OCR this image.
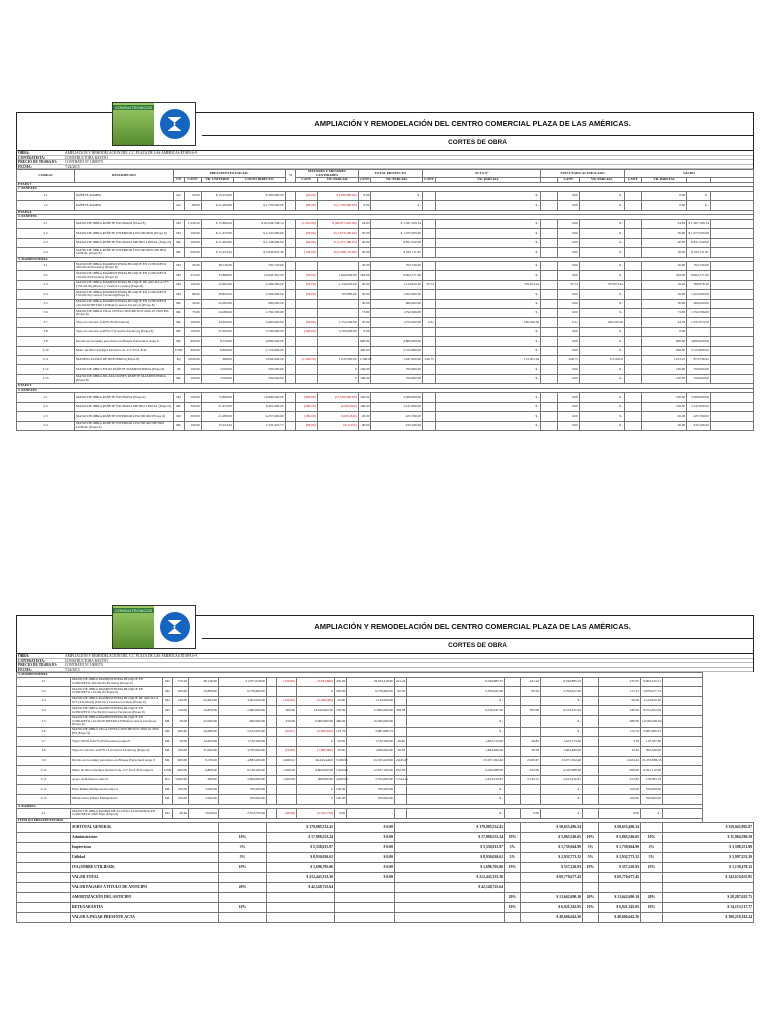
CONSULTECNICOS
AMPLIACIÓN Y REMODELACIÓN DEL CENTRO COMERCIAL PLAZA DE LAS AMÉRICAS.
CORTES DE OBRA
OBRA:	AMPLIACION Y REMODELACION DEL C.C PLAZA DE LAS AMERICAS ETAPA 6-9
CONTRATISTA:	CONSTRUCTORA RAYITO
PRECIO DE TRABAJO:	CONTRATO N° 1008579
FECHA:	7/24/2015
CODIGO	DESCRIPCION	PRESUPUESTO INICIAL				%	MAYORES Y MENORES CANTIDADES		TOTAL PROYECTO		ACTA N°		EJECUTADO ACUMULADO			SALDO			
		UN	CANT.	VR. UNITARIO	COSTO DIRECTO		CANT.	VR. PARCIAL	CANT.	VR. PARCIAL	CANT	VR. PARCIAL		CANT.	VR. PARCIAL	CANT.	VR. PARCIAL		
ETAPA 7																			
7. PAÑETES																			
1.1	PAÑETE RAMPA	m2	20.00	$ 15,254.00	$ 305,080.00		(20.00)	$ (305,080.00)	0.00	$ -		$ -		0.00	$ -		0.00	$ -	
1.2	PAÑETE RAMPA	m2	80.00	$ 21,284.00	$ 1,703,000.00		(80.00)	$ (1,703,000.00)	0.00	$ -		$ -		0.00	$ -		0.00	$ -	
ETAPA 8																			
2. PAÑETES																			
2.1	MANO DE OBRA PAÑETE FACHADA (Etapa 8)	M2	1,230.43	$ 15,890.00	$ 91,044,708.14		(1,205.00)	$ (60,677,605.00)	24.83	$ 1,367,108.14		$ -		0.00	$ -		24.83	$ 1,367,108.14	
2.2	MANO DE OBRA PAÑETE INTERIOR LISO MUROS (Etapa 8)	M2	100.00	$ 21,470.00	$ 2,147,000.00		(50.00)	$ (1,073,500.00)	50.00	$ 1,073,500.00		$ -		0.00	$ -		50.00	$ 1,073,500.00	
2.3	MANO DE OBRA PAÑETE FACHADA METRO LINEAL (Etapa 8)	ML	100.00	$ 21,284.00	$ 2,128,000.00		(60.00)	$ (1,277,280.00)	40.00	$ 851,520.00		$ -		0.00	$ -		40.00	$ 851,520.00	
2.4	MANO DE OBRA PAÑETE INTERIOR LISO MUROS METRO LINEAL (Etapa 8)	ML	200.00	$ 15,254.24	$ 3,050,847.46		(150.00)	$ (2,288,135.60)	50.00	$ 762,711.87		$ -		0.00	$ -		50.00	$ 762,711.87	
3. MAMPOSTERIA																			
3.1	MANO DE OBRA MAMPOSTERIA BLOQUE EN CONCRETO 39x19x19 (Escalera) (Etapa 8)	M2	20.00	38,136.00	762,720.00			-	20.00	762,720.00		$ -		0.00	$ -		20.00	762,720.00	
3.2	MANO DE OBRA MAMPOSTERIA BLOQUE EN CONCRETO 15x19x19 (Escalera) (Etapa 8)	M2	314.00	33,898.00	10,643,361.00		(50.00)	1,664,990.00	264.00	8,962,371.00		$ -		0.00	$ -		264.00	8,962,371.00	
3.3	MANO DE OBRA MAMPOSTERIA BLOQUE DE ARCILLA N°5 (33x19x19) (Ductos y Cuartos Locales) (Etapa 8)	M2	100.00	22,693.00	2,269,300.00		(50.00)	1,134,650.00	50.00	1,134,650.00	33.74	765,673.44		33.74	765,673.44		16.26	368,976.56	
3.4	MANO DE OBRA MAMPOSTERIA BLOQUE EN CONCRETO 15x19x19 (Cuartos Técnicos)(Etapa 8)	M2	80.00	28,850.00	1,904,000.00		(30.00)	703,980.00	50.00	1,202,900.00		$ -		0.00	$ -		50.00	1,202,900.00	
3.5	MANO DE OBRA MAMPOSTERIA BLOQUE EN CONCRETO 14x19x39 METRO LINEAL(Cuartos Técnicos) (Etapa 8)	ML	30.00	22,000.00	660,000.00			-	30.00	660,000.00		$ -		0.00	$ -		30.00	660,000.00	
3.6	MANO DE OBRA VIGA CINTA CONCRETO 0.20x0.10 2500 PSI (Etapa 8)	ML	73.80	24,286.00	1,792,306.00			-	73.80	1,792,306.00		$ -		0.00	$ -		73.80	1,792,306.00	
3.7	Viga en concreto 0,40*0,20 (Escaleras)	ML	100.00	34,650.00	3,465,000.00		(50.00)	1,752,500.00	50.00	1,752,500.00	5.21	180,526.50		5.21	180,526.50		44.79	1,551,973.50	
3.8	Viga en concreto 0,40*0,15 (Cuartos Técnicos) (Etapa 8)	ML	100.00	37,000.00	3,700,000.00		(100.00)	3,700,000.00	0.00	-		$ -		0.00	$ -		0.00	-	
3.9	Dovela en Grouting para muro en Bloque Estructural etapa 8	ML	600.00	8,130.00	4,882,000.00			-	600.00	4,882,000.00		$ -		0.00	$ -		600.00	4,882,000.00	
3.10	Mano de Obra Anclajes Epóxicos de 1/2" Prof. 8cm	UND	400.00	6,809.00	2,723,600.00			-	400.00	2,723,600.00		$ -		0.00	$ -		400.00	2,723,600.00	
3.11	MANEJO ACERO DE REFUERZO (Etapa 8)	Kg	3,000.00	698.00	2,094,000.00		(1,500.00)	1,047,000.00	1,500.00	1,047,000.00	246.75	172,203.64		246.75	172,203.6		1,253.25	874,796.92	
3.12	MANO DE OBRA FILOS PAÑETE MAMPOSTERIA (Etapa 8)	ml	100.00	3,500.00	350,000.00			0	100.00	350,000.00		$ -		0.00	$ -		100.00	350,000.00	
3.13	MANO DE OBRA DILATACIONES PAÑETE MAMPOSTERIA (Etapa 8)	ML	100.00	3,500.00	350,000.00			0	100.00	350,000.00		$ -		0.00	$ -		100.00	350,000.00	
ETAPA 9																			
2. PAÑETES																			
2.1	MANO DE OBRA PAÑETE FACHADA (Etapa 9)	M2	500.00	15,890.00	16,990,000.00		(400.00)	(13,595,000.00)	100.00	3,389,000.00		$ -		0.00	$ -		100.00	3,389,000.00	
2.2	MANO DE OBRA PAÑETE FACHADA METRO LINEAL (Etapa 9)	ML	300.00	21,470.00	6,401,000.00		(200.00)	(4,293,000)	100.00	2,147,000.00		$ -		0.00	$ -		100.00	2,147,000.00	
2.3	MANO DE OBRA PAÑETE INTERIOR LISO MURO (Etapa 9)	M2	200.00	21,280.00	4,257,600.00		(180.00)	(3,831,840)	20.00	425,760.00		$ -		0.00	$ -		20.00	425,760.00	
2.4	MANO DE OBRA PAÑETE INTERIOR LISO MURO METRO LINEAL (Etapa 9)	ML	100.00	15,254.24	1,525,423.73		(60.00)	(915,254)	40.00	610,169.49		$ -		0.00	$ -		40.00	610,169.49	
CONSULTECNICOS
AMPLIACIÓN Y REMODELACIÓN DEL CENTRO COMERCIAL PLAZA DE LAS AMÉRICAS.
CORTES DE OBRA
OBRA:	AMPLIACION Y REMODELACION DEL C.C PLAZA DE LAS AMERICAS ETAPA 6-9
CONTRATISTA:	CONSTRUCTORA RAYITO
PRECIO DE TRABAJO:	CONTRATO N° 1008579
FECHA:	7/24/2015
3. MAMPOSTERIA																			
3.1	MANO DE OBRA MAMPOSTERIA BLOQUE EN CONCRETO 39x19x19 (Escalera) (Etapa 9)	M2	576.29	38,136.00	21,977,018.00		(100.00)	(3,813,600)	476.29	18,163,418.00	241.24	9,199,885.53		241.24	9,199,885.53		235.05	8,963,532.51	
3.2	MANO DE OBRA MAMPOSTERIA BLOQUE EN CONCRETO 15x19x19 (Etapa 9)	M2	200.00	33,898.00	6,779,600.00			0	200.00	6,779,600.00	82.59	2,799,622.26		82.59	2,799,622.26		117.41	3,979,977.74	
3.3	MANO DE OBRA MAMPOSTERIA BLOQUE DE ARCILLA N°5 (33x19x19) (Ductos y Cuartos Locales) (Etapa 9)	M2	150.00	22,693.00	3,403,950.00		(100.00)	(2,269,300)	50.00	1,134,650.00		$ -			$ -		50.00	1,134,650.00	
3.4	MANO DE OBRA MAMPOSTERIA BLOQUE EN CONCRETO 15x19x19 (Cuartos Técnicos) (Etapa 9)	M2	120.00	24,850.00	2,982,000.00		600.00	14,910,000.00	720.00	17,892,000.00	383.08	9,519,347.94		383.08	9,519,347.94		336.92	8,372,652.06	
3.5	MANO DE OBRA MAMPOSTERIA BLOQUE EN CONCRETO 14x19x39 METRO LINEAL(Cuartos Técnicos) (Etapa 9)	ML	30.00	22,000.00	660,000.00		450.00	9,900,000.00	480.00	10,560,000.00		$ -			$ -		480.00	10,560,000.00	
3.6	MANO DE OBRA VIGA CINTA CONCRETO 0.20x0.10 2500 PSI (Etapa 9)	ML	206.40	24,286.00	5,012,630.40		(83.61)	(2,030,650)	122.79	2,981,980.23		$ -			$ -		122.79	2,981,980.23	
3.7	Viga CINTA 0,20*0,20 (Escaleras) etapa 9	ML	50.00	34,650.00	1,732,500.00			0	50.00	1,732,500.00	46.82	1,622,313.00		46.82	1,622,313.00		3.18	110,187.00	
3.8	Viga en concreto 0,40*0,15 (Cuartos Técnicos) (Etapa 9)	ML	100.00	37,000.00	3,700,000.00		(50.00)	(1,850,000)	50.00	1,850,000.00	39.58	1,464,460.00		39.58	1,464,460.00		10.42	385,540.00	
3.9	Dovela en Grouting para muro en Bloque Estructural etapa 9	ML	600.00	8,130.00	4,882,000.00		4,969.91	40,443,449.9	5,569.91	45,325,249.90	2,945.67	23,971,362.46		2,945.67	23,971,362.46		2,624.24	21,353,886.53	
3.10	Mano de Obra Anclajes Epóxicos de 1/2" Prof. 8cm etapa 9	UND	900.00	6,809.00	6,128,100.00		1,000.00	6,809,000.00	1,900.00	12,937,100.00	932.00	6,345,988.00		932.00	6,345,988.00		968.00	6,591,112.00	
3.11	Acero de Refuerzo etapa 9	KG	3,000.00	698.00	2,094,000.00		1,000.00	698,000.00	4,000.00	2,792,000.00	3,744.15	2,613,416.81		3,744.15	2,613,416.81		255.85	178,583.19	
3.12	Filos Pañete Mampostería etapa 9	ML	100.00	3,500.00	350,000.00			0	100.00	350,000.00		$ -			$ -		100.00	350,000.00	
3.13	Dilataciones Pañete Mampostería	ML	100.00	3,500.00	350,000.00			0	100.00	350,000.00		$ -			$ -		100.00	350,000.00	
4. RAMPAS																			
4.1	MANO DE OBRA RAMPA DE ACCESO ALIGERADA EN CONCRETO 2500 Mpa (Etapa 9)	M2	46.49	35,000.0	2,354,750.00		(46.49)	(2,354,750)	0.00	-		$ -		0.00	$ -		0.00	$ -	
ITEM NO PRESUPUESTADO																			
	SUBTOTAL GENERAL					$ 179,085,532.41			$ 0.00		$ 179,085,532.41			$ 58,655,496.54			$ 58,655,496.54		$ 119,045,965.87
	Administración				10%	$ 17,908,553.24			$ 0.00		$ 17,908,553.24		10%	$ 5,865,546.65		10%	$ 5,865,546.65	10%	$ 11,904,596.59
	Imprevistos				3%	$ 5,358,015.97			$ 0.00		$ 5,358,015.97		3%	$ 1,759,664.90		3%	$ 1,759,664.90	3%	$ 3,598,351.98
	Utilidad				5%	$ 8,930,026.62			$ 0.00		$ 8,930,026.62		5%	$ 2,932,773.32		5%	$ 2,932,773.32	5%	$ 5,997,253.29
	IVA (SOBRE UTILIDAD)				19%	$ 1,696,705.06			$ 0.00		$ 1,696,705.06		19%	$ 557,226.93		19%	$ 557,226.93	19%	$ 1,139,478.13
	VALOR TOTAL					$ 212,443,333.30			$ 0.00		$ 212,443,333.30			$ 69,770,677.45			$ 69,770,677.45		$ 142,674,655.85
	VALOR PAGADO A TITULO DE ANTICIPO				20%	$ 42,148,725.64					$ 42,148,725.64								
	AMORTIZACIÓN DEL ANTICIPO												20%	$ 13,642,690.10		20%	$ 13,642,690.10	20%	$ 28,287,625.73
	RETEGARANTIA				10%								10%	$ 6,921,345.05		10%	$ 6,921,345.05	10%	$ 14,153,517.77
	VALOR A PAGAR PRESENTE ACTA													$ 49,606,642.30			$ 49,606,642.30		$ 100,219,102.24
